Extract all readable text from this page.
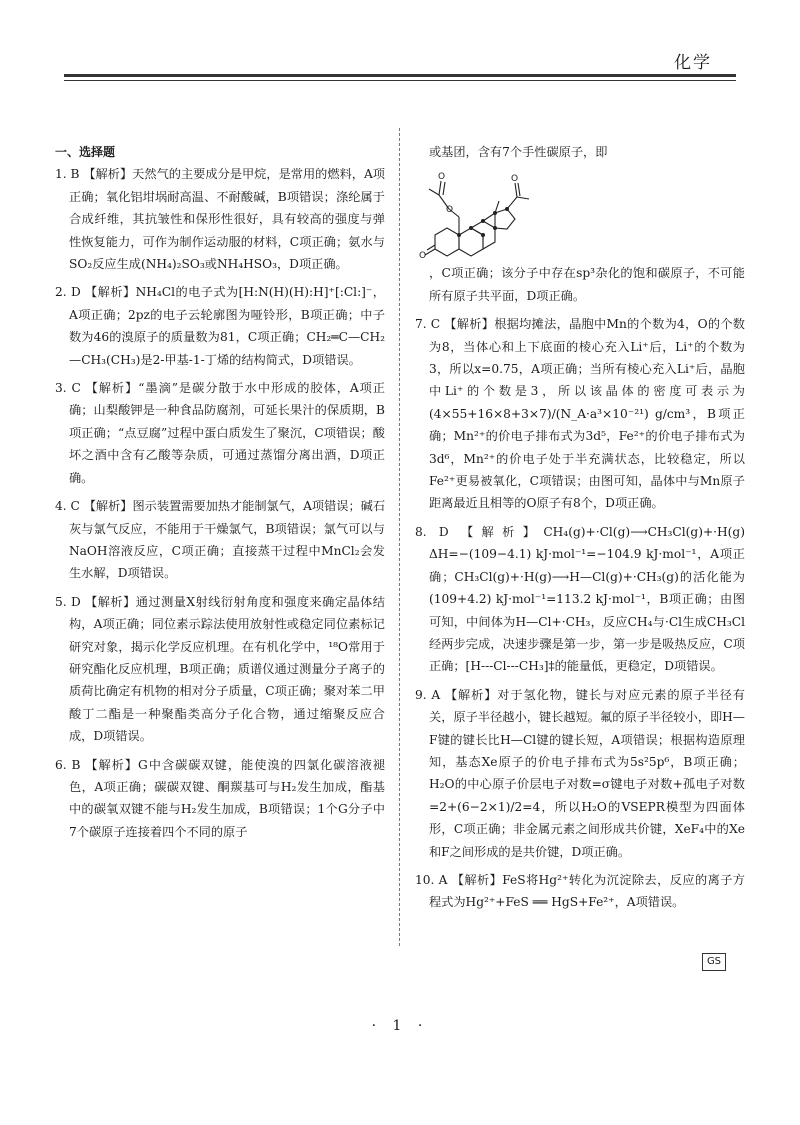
化学
一、选择题

1. B 【解析】天然气的主要成分是甲烷，是常用的燃料，A项正确；氧化铝坩埚耐高温、不耐酸碱，B项错误；涤纶属于合成纤维，其抗皱性和保形性很好，具有较高的强度与弹性恢复能力，可作为制作运动服的材料，C项正确；氨水与SO₂反应生成(NH₄)₂SO₃或NH₄HSO₃，D项正确。

2. D 【解析】NH₄Cl的电子式为[H:N(H)(H):H]⁺[:Cl:]⁻，A项正确；2pz的电子云轮廓图为哑铃形，B项正确；中子数为46的溴原子的质量数为81，C项正确；CH₂═C—CH₂—CH₃(CH₃)是2-甲基-1-丁烯的结构简式，D项错误。

3. C 【解析】“墨滴”是碳分散于水中形成的胶体，A项正确；山梨酸钾是一种食品防腐剂，可延长果汁的保质期，B项正确；“点豆腐”过程中蛋白质发生了聚沉，C项错误；酸坏之酒中含有乙酸等杂质，可通过蒸馏分离出酒，D项正确。

4. C 【解析】图示装置需要加热才能制氯气，A项错误；碱石灰与氯气反应，不能用于干燥氯气，B项错误；氯气可以与NaOH溶液反应，C项正确；直接蒸干过程中MnCl₂会发生水解，D项错误。

5. D 【解析】通过测量X射线衍射角度和强度来确定晶体结构，A项正确；同位素示踪法使用放射性或稳定同位素标记研究对象，揭示化学反应机理。在有机化学中，¹⁸O常用于研究酯化反应机理，B项正确；质谱仪通过测量分子离子的质荷比确定有机物的相对分子质量，C项正确；聚对苯二甲酸丁二酯是一种聚酯类高分子化合物，通过缩聚反应合成，D项错误。

6. B 【解析】G中含碳碳双键，能使溴的四氯化碳溶液褪色，A项正确；碳碳双键、酮羰基可与H₂发生加成，酯基中的碳氧双键不能与H₂发生加成，B项错误；1个G分子中7个碳原子连接着四个不同的原子

或基团，含有7个手性碳原子，即

O
O
O	O

，C项正确；该分子中存在sp³杂化的饱和碳原子，不可能所有原子共平面，D项正确。

7. C 【解析】根据均摊法，晶胞中Mn的个数为4，O的个数为8，当体心和上下底面的棱心充入Li⁺后，Li⁺的个数为3，所以x=0.75，A项正确；当所有棱心充入Li⁺后，晶胞中Li⁺的个数是3，所以该晶体的密度可表示为(4×55+16×8+3×7)/(N_A·a³×10⁻²¹) g/cm³，B项正确；Mn²⁺的价电子排布式为3d⁵，Fe²⁺的价电子排布式为3d⁶，Mn²⁺的价电子处于半充满状态，比较稳定，所以Fe²⁺更易被氧化，C项错误；由图可知，晶体中与Mn原子距离最近且相等的O原子有8个，D项正确。

8. D 【解析】CH₄(g)+·Cl(g)⟶CH₃Cl(g)+·H(g) ΔH=−(109−4.1) kJ·mol⁻¹=−104.9 kJ·mol⁻¹，A项正确；CH₃Cl(g)+·H(g)⟶H—Cl(g)+·CH₃(g)的活化能为(109+4.2) kJ·mol⁻¹=113.2 kJ·mol⁻¹，B项正确；由图可知，中间体为H—Cl+·CH₃，反应CH₄与·Cl生成CH₃Cl经两步完成，决速步骤是第一步，第一步是吸热反应，C项正确；[H---Cl---CH₃]‡的能量低，更稳定，D项错误。

9. A 【解析】对于氢化物，键长与对应元素的原子半径有关，原子半径越小，键长越短。氟的原子半径较小，即H—F键的键长比H—Cl键的键长短，A项错误；根据构造原理知，基态Xe原子的价电子排布式为5s²5p⁶，B项正确；H₂O的中心原子价层电子对数=σ键电子对数+孤电子对数=2+(6−2×1)/2=4，所以H₂O的VSEPR模型为四面体形，C项正确；非金属元素之间形成共价键，XeF₄中的Xe和F之间形成的是共价键，D项正确。

10. A 【解析】FeS将Hg²⁺转化为沉淀除去，反应的离子方程式为Hg²⁺+FeS ══ HgS+Fe²⁺，A项错误。

GS
· 1 ·
